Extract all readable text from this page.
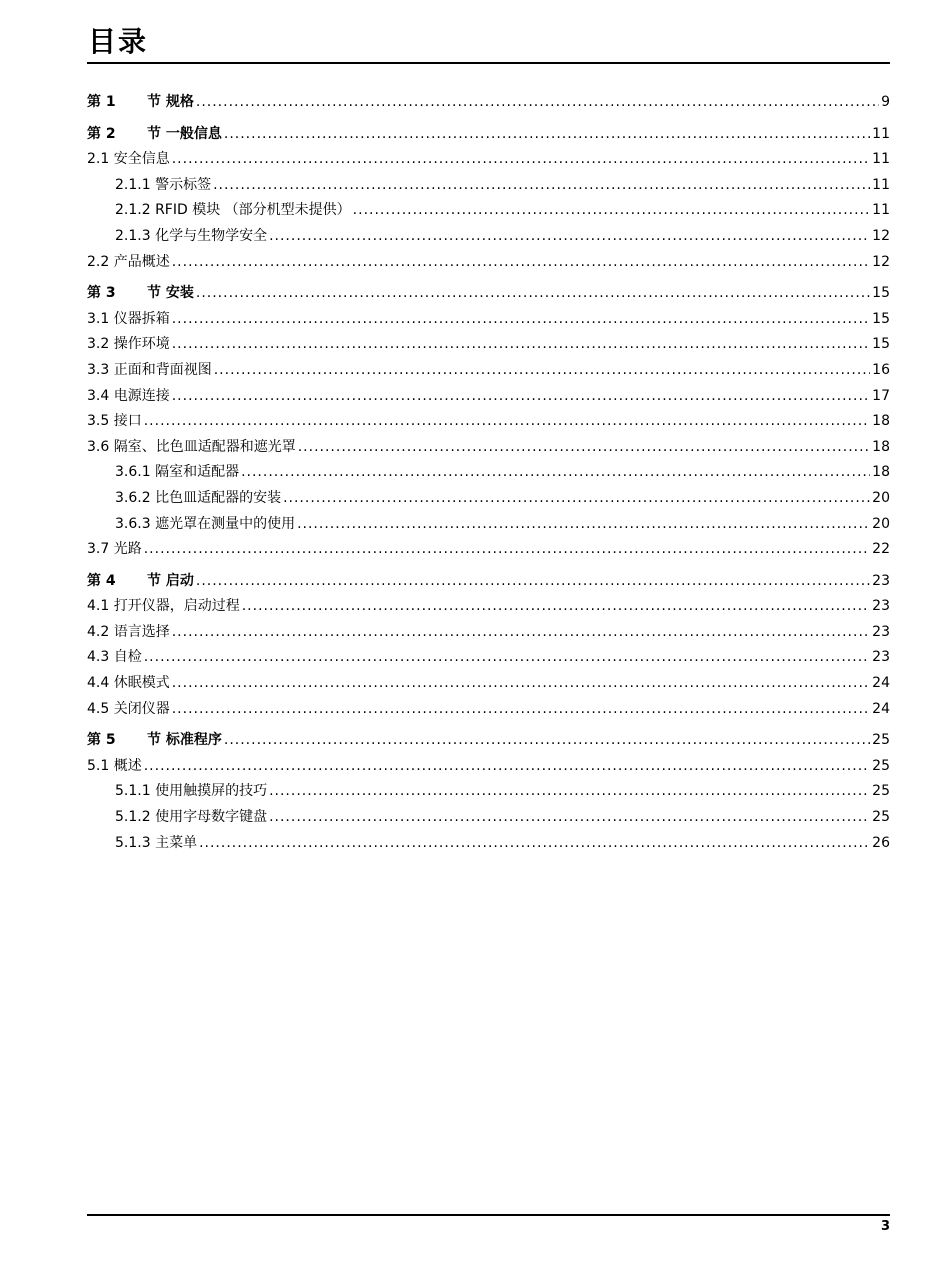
目录
第 1 节 规格 .....	9
第 2 节 一般信息 .....	11
2.1 安全信息 .....	11
2.1.1 警示标签 .....	11
2.1.2 RFID 模块 （部分机型未提供） .....	11
2.1.3 化学与生物学安全 .....	12
2.2 产品概述 .....	12
第 3 节 安装 .....	15
3.1 仪器拆箱 .....	15
3.2 操作环境 .....	15
3.3 正面和背面视图 .....	16
3.4 电源连接 .....	17
3.5 接口 .....	18
3.6 隔室、比色皿适配器和遮光罩 .....	18
3.6.1 隔室和适配器 .....	18
3.6.2 比色皿适配器的安装 .....	20
3.6.3 遮光罩在测量中的使用 .....	20
3.7 光路 .....	22
第 4 节 启动 .....	23
4.1 打开仪器，启动过程 .....	23
4.2 语言选择 .....	23
4.3 自检 .....	23
4.4 休眠模式 .....	24
4.5 关闭仪器 .....	24
第 5 节 标准程序 .....	25
5.1 概述 .....	25
5.1.1 使用触摸屏的技巧 .....	25
5.1.2 使用字母数字键盘 .....	25
5.1.3 主菜单 .....	26
3
